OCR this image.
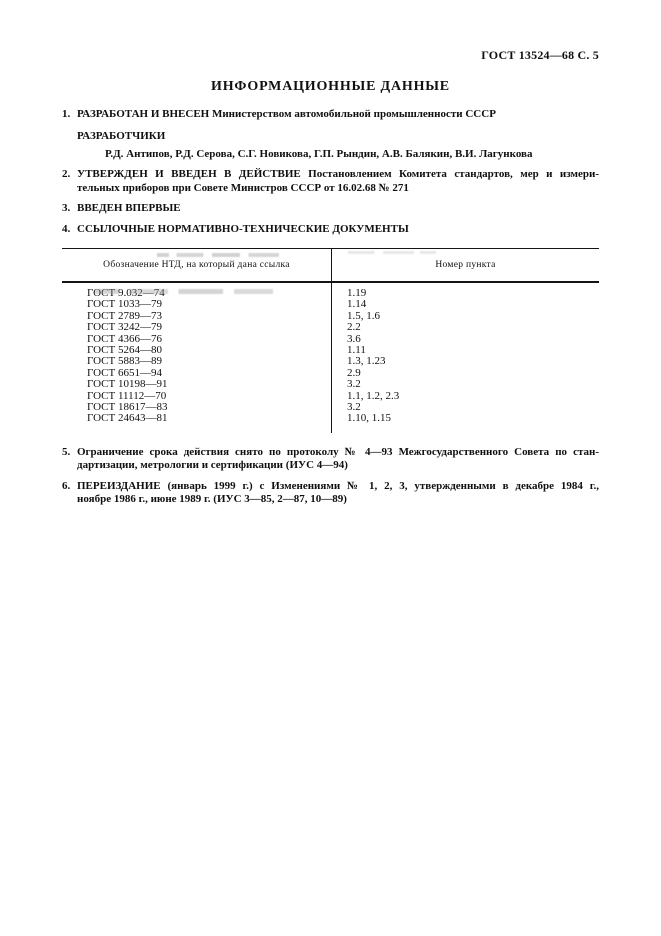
ГОСТ 13524—68 С. 5
ИНФОРМАЦИОННЫЕ ДАННЫЕ
1. РАЗРАБОТАН И ВНЕСЕН Министерством автомобильной промышленности СССР
РАЗРАБОТЧИКИ
Р.Д. Антипов, Р.Д. Серова, С.Г. Новикова, Г.П. Рындин, А.В. Балякин, В.И. Лагункова
2. УТВЕРЖДЕН И ВВЕДЕН В ДЕЙСТВИЕ Постановлением Комитета стандартов, мер и измери-
тельных приборов при Совете Министров СССР от 16.02.68 № 271
3. ВВЕДЕН ВПЕРВЫЕ
4. ССЫЛОЧНЫЕ НОРМАТИВНО-ТЕХНИЧЕСКИЕ ДОКУМЕНТЫ
Обозначение НТД, на который дана ссылка	Номер пункта
ГОСТ 9.032—74
ГОСТ 1033—79
ГОСТ 2789—73
ГОСТ 3242—79
ГОСТ 4366—76
ГОСТ 5264—80
ГОСТ 5883—89
ГОСТ 6651—94
ГОСТ 10198—91
ГОСТ 11112—70
ГОСТ 18617—83
ГОСТ 24643—81
1.19
1.14
1.5, 1.6
2.2
3.6
1.11
1.3, 1.23
2.9
3.2
1.1, 1.2, 2.3
3.2
1.10, 1.15
5. Ограничение срока действия снято по протоколу № 4—93 Межгосударственного Совета по стан-
дартизации, метрологии и сертификации (ИУС 4—94)
6. ПЕРЕИЗДАНИЕ (январь 1999 г.) с Изменениями № 1, 2, 3, утвержденными в декабре 1984 г.,
ноябре 1986 г., июне 1989 г. (ИУС 3—85, 2—87, 10—89)
